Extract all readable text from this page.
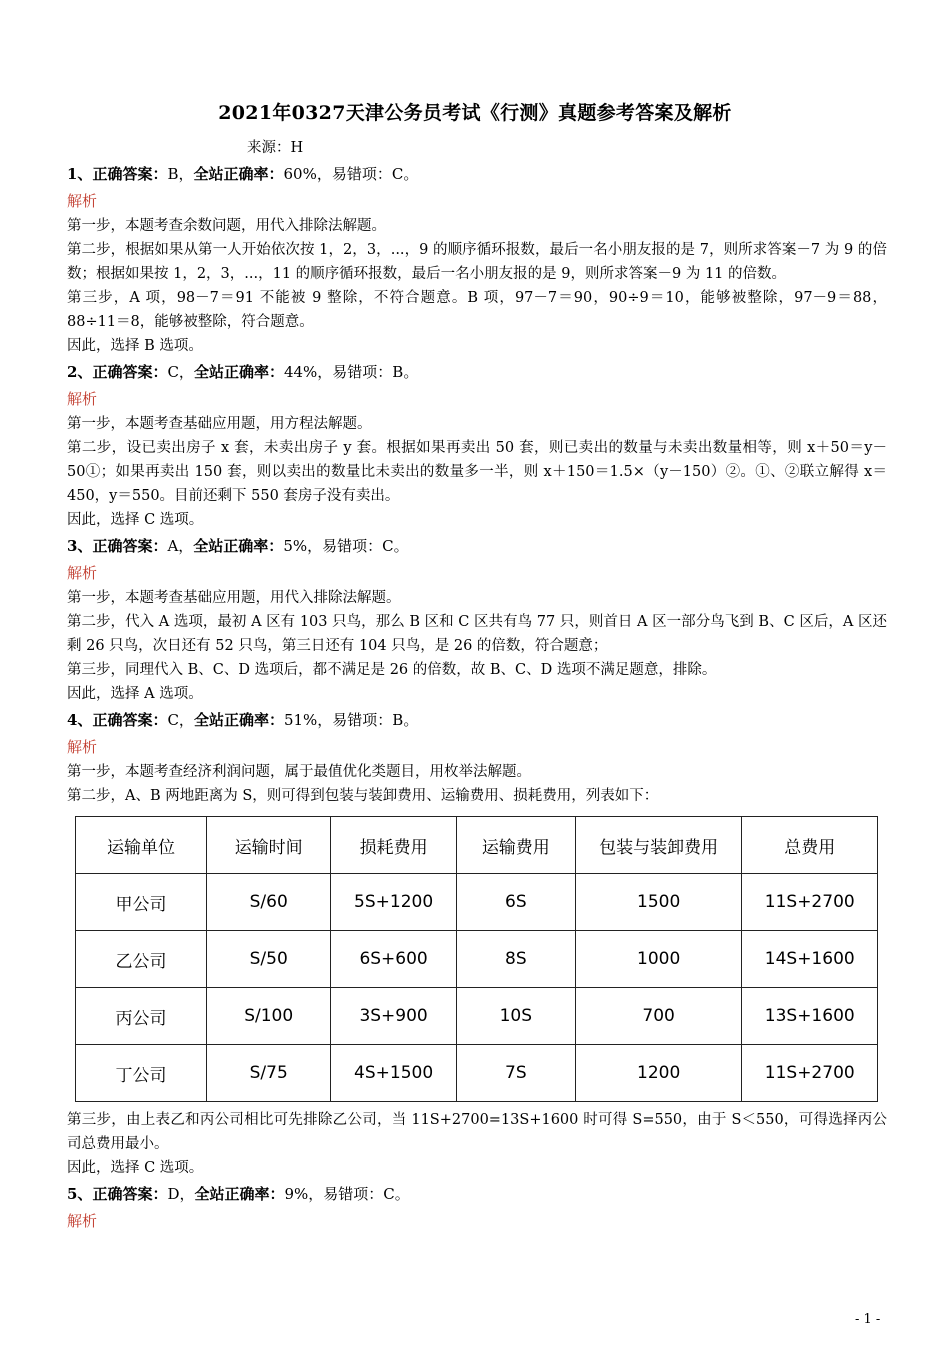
2021年0327天津公务员考试《行测》真题参考答案及解析
来源：H
1、正确答案：B，全站正确率：60%，易错项：C。
解析

第一步，本题考查余数问题，用代入排除法解题。

第二步，根据如果从第一人开始依次按 1，2，3，...，9 的顺序循环报数，最后一名小朋友报的是 7，则所求答案－7 为 9 的倍数；根据如果按 1，2，3，...，11 的顺序循环报数，最后一名小朋友报的是 9，则所求答案－9 为 11 的倍数。

第三步，A 项，98－7＝91 不能被 9 整除，不符合题意。B 项，97－7＝90，90÷9＝10，能够被整除，97－9＝88，88÷11＝8，能够被整除，符合题意。

因此，选择 B 选项。

2、正确答案：C，全站正确率：44%，易错项：B。
解析

第一步，本题考查基础应用题，用方程法解题。

第二步，设已卖出房子 x 套，未卖出房子 y 套。根据如果再卖出 50 套，则已卖出的数量与未卖出数量相等，则 x＋50＝y－50①；如果再卖出 150 套，则以卖出的数量比未卖出的数量多一半，则 x＋150＝1.5×（y－150）②。①、②联立解得 x＝450，y＝550。目前还剩下 550 套房子没有卖出。

因此，选择 C 选项。

3、正确答案：A，全站正确率：5%，易错项：C。
解析

第一步，本题考查基础应用题，用代入排除法解题。

第二步，代入 A 选项，最初 A 区有 103 只鸟，那么 B 区和 C 区共有鸟 77 只，则首日 A 区一部分鸟飞到 B、C 区后，A 区还剩 26 只鸟，次日还有 52 只鸟，第三日还有 104 只鸟，是 26 的倍数，符合题意；

第三步，同理代入 B、C、D 选项后，都不满足是 26 的倍数，故 B、C、D 选项不满足题意，排除。

因此，选择 A 选项。

4、正确答案：C，全站正确率：51%，易错项：B。
解析

第一步，本题考查经济利润问题，属于最值优化类题目，用枚举法解题。

第二步，A、B 两地距离为 S，则可得到包装与装卸费用、运输费用、损耗费用，列表如下：

运输单位	运输时间	损耗费用	运输费用	包装与装卸费用	总费用
甲公司	S/60	5S+1200	6S	1500	11S+2700
乙公司	S/50	6S+600	8S	1000	14S+1600
丙公司	S/100	3S+900	10S	700	13S+1600
丁公司	S/75	4S+1500	7S	1200	11S+2700

第三步，由上表乙和丙公司相比可先排除乙公司，当 11S+2700=13S+1600 时可得 S=550，由于 S＜550，可得选择丙公司总费用最小。

因此，选择 C 选项。

5、正确答案：D，全站正确率：9%，易错项：C。
解析
- 1 -
